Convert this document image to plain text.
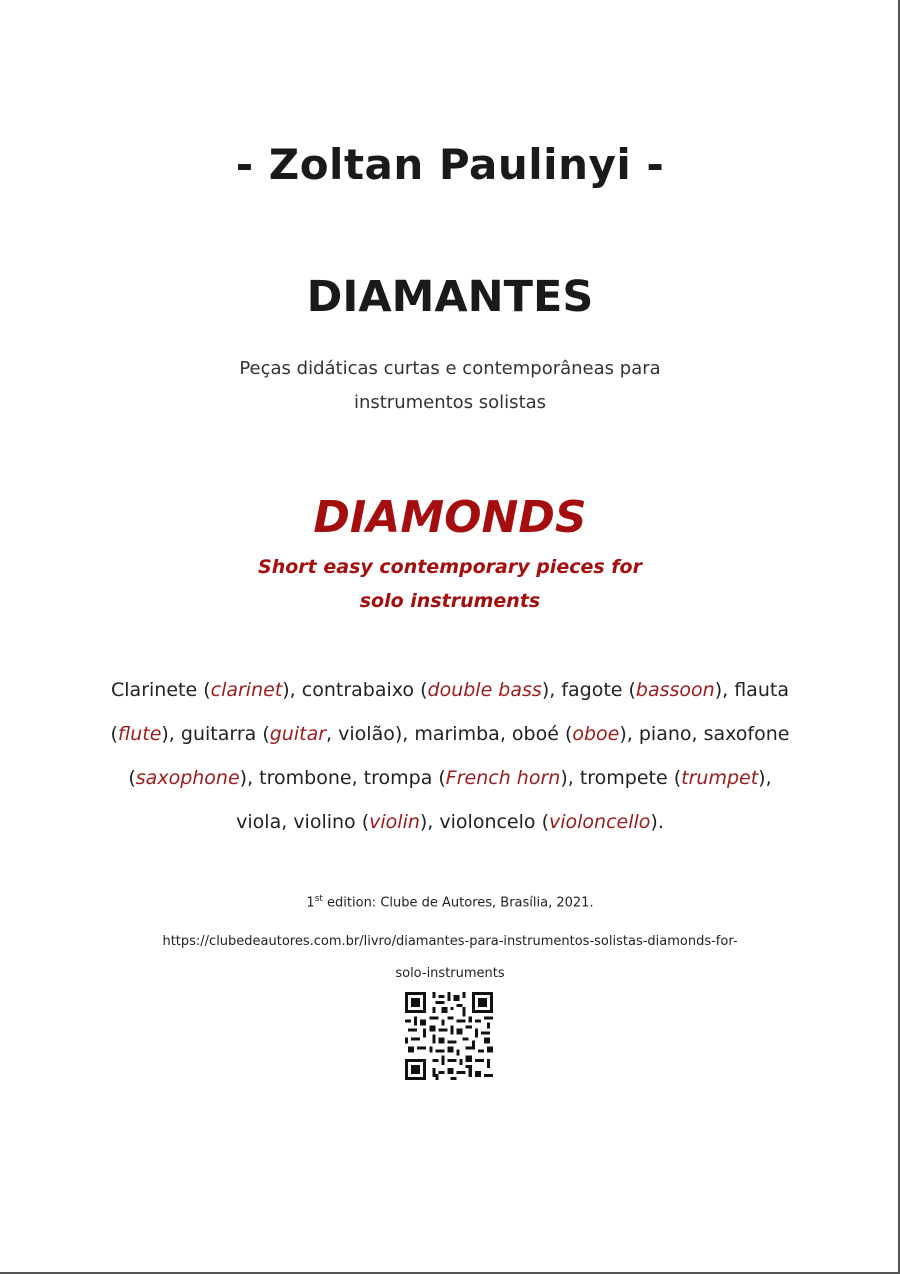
- Zoltan Paulinyi -
DIAMANTES
Peças didáticas curtas e contemporâneas para
instrumentos solistas
DIAMONDS
Short easy contemporary pieces for
solo instruments
Clarinete (clarinet), contrabaixo (double bass), fagote (bassoon), flauta (flute), guitarra (guitar, violão), marimba, oboé (oboe), piano, saxofone (saxophone), trombone, trompa (French horn), trompete (trumpet), viola, violino (violin), violoncelo (violoncello).
1st edition: Clube de Autores, Brasília, 2021.
https://clubedeautores.com.br/livro/diamantes-para-instrumentos-solistas-diamonds-for-
solo-instruments
